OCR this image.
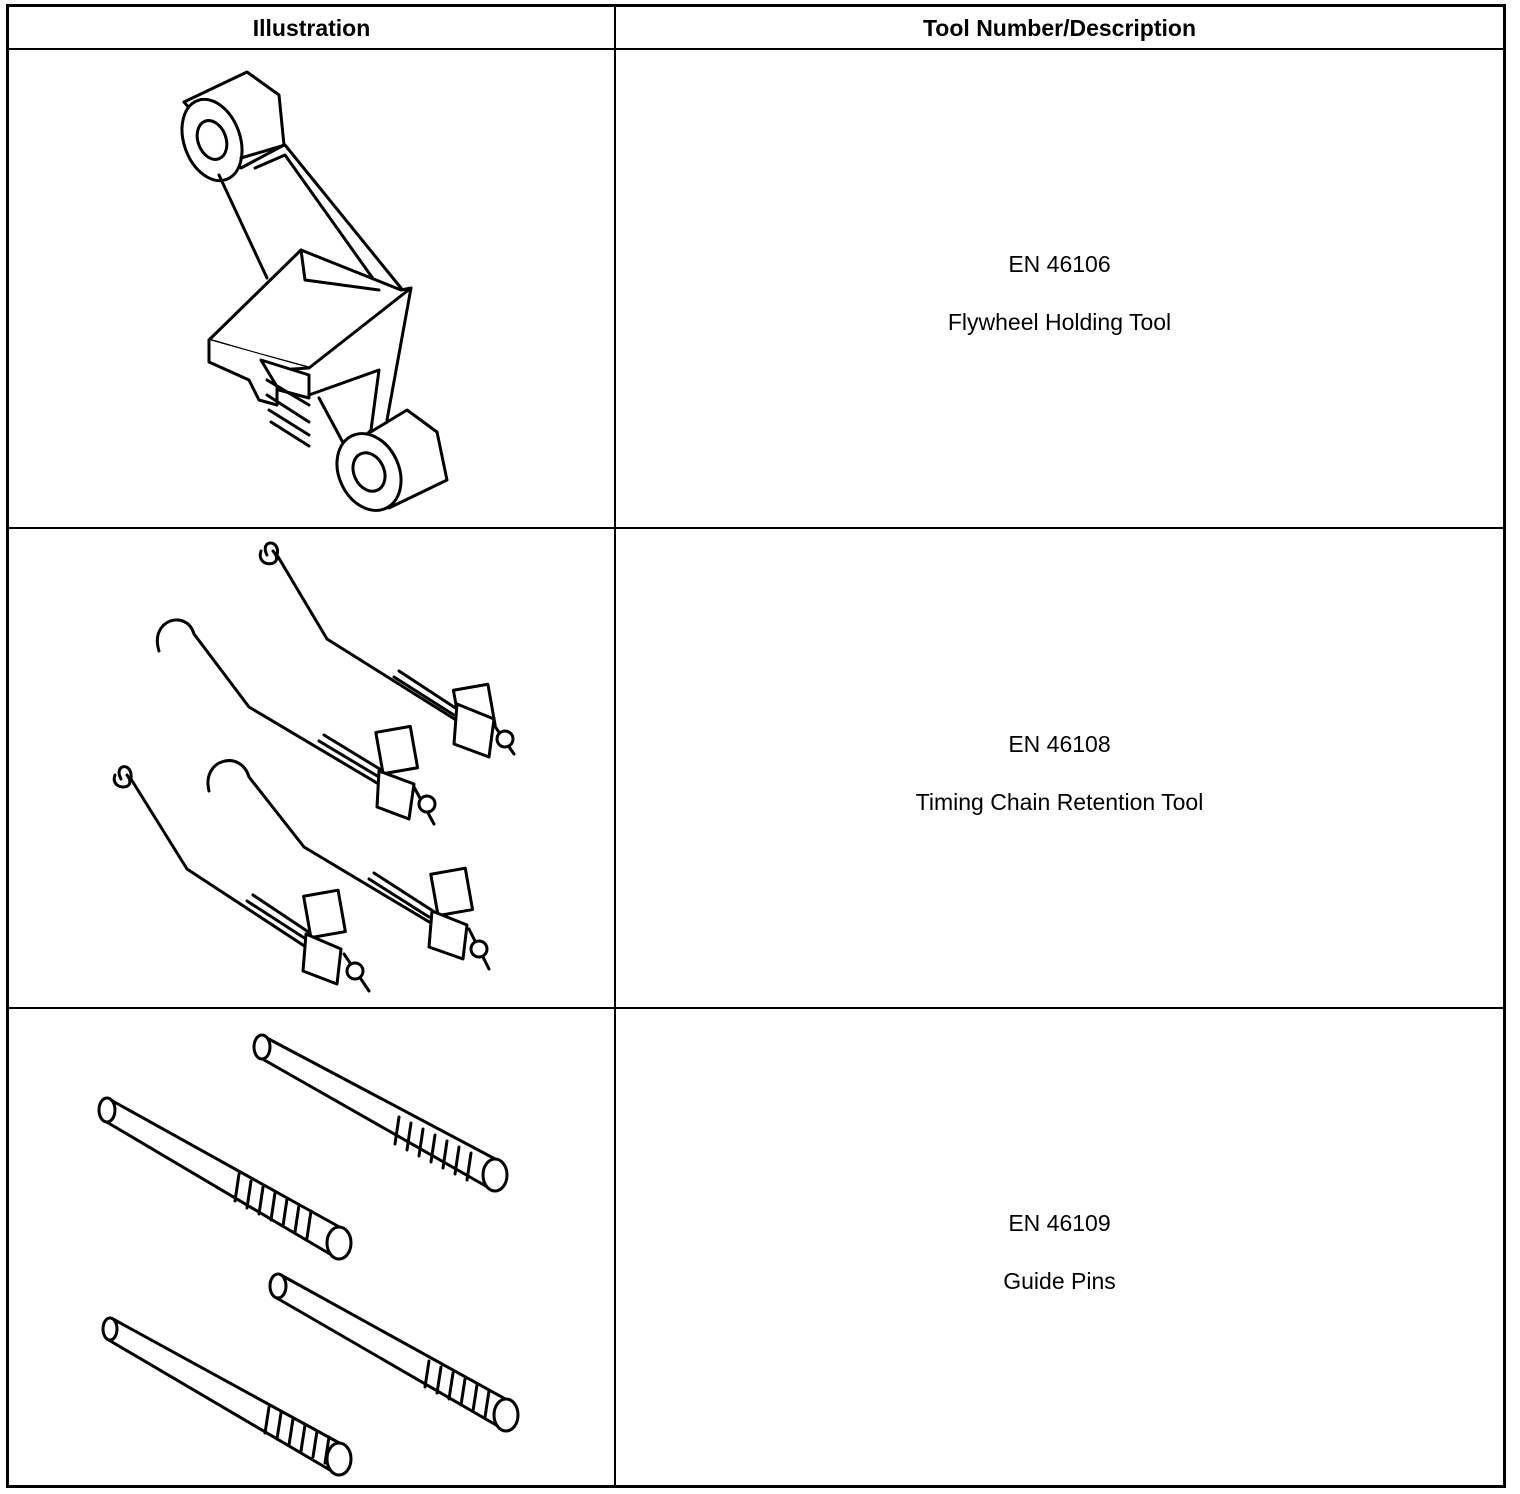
Illustration	Tool Number/Description
EN 46106
Flywheel Holding Tool
EN 46108
Timing Chain Retention Tool
EN 46109
Guide Pins
